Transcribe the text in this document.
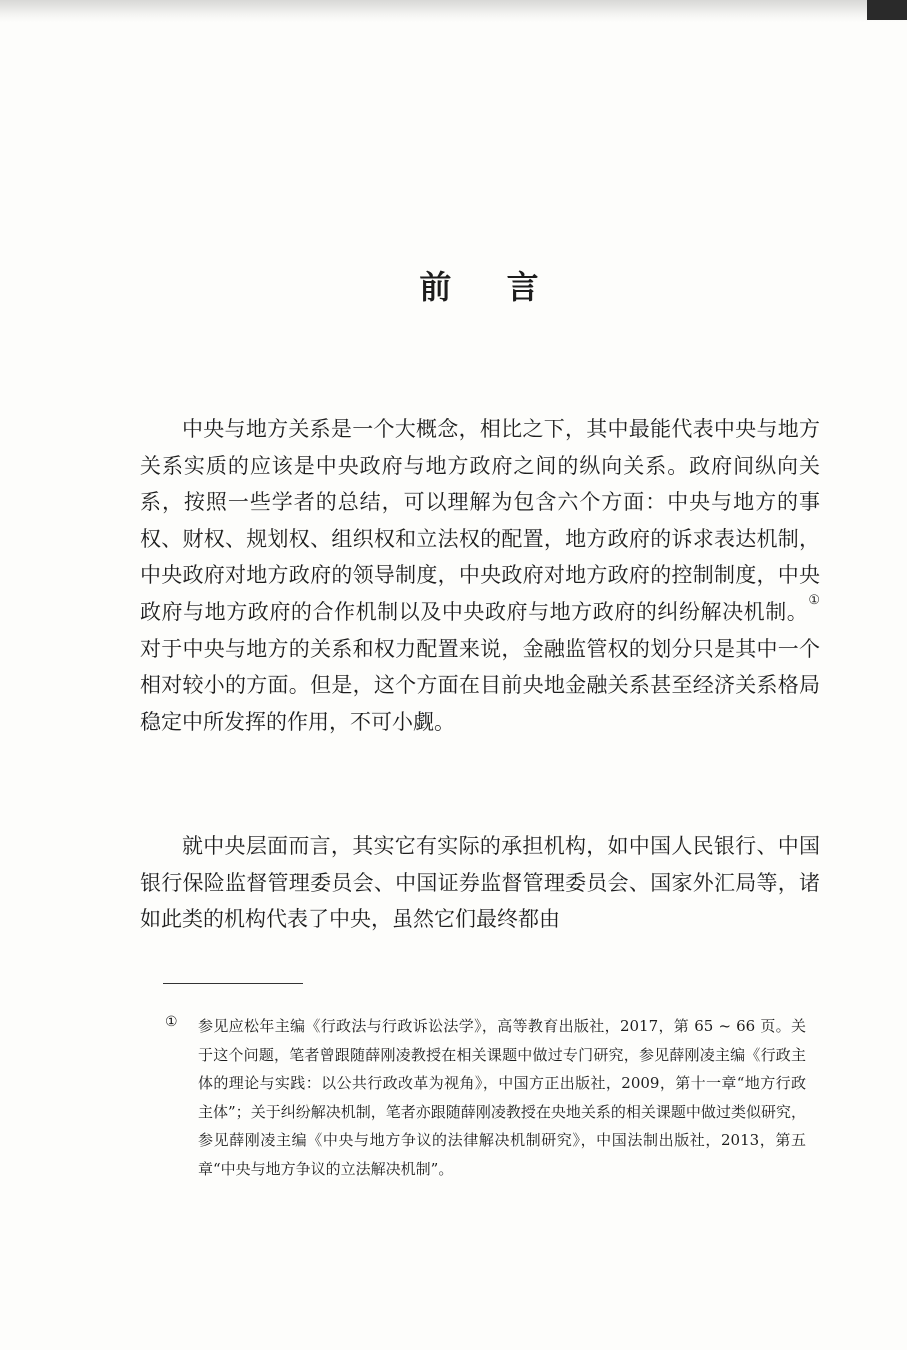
前 言

中央与地方关系是一个大概念，相比之下，其中最能代表中央与地方关系实质的应该是中央政府与地方政府之间的纵向关系。政府间纵向关系，按照一些学者的总结，可以理解为包含六个方面：中央与地方的事权、财权、规划权、组织权和立法权的配置，地方政府的诉求表达机制，中央政府对地方政府的领导制度，中央政府对地方政府的控制制度，中央政府与地方政府的合作机制以及中央政府与地方政府的纠纷解决机制。① 对于中央与地方的关系和权力配置来说，金融监管权的划分只是其中一个相对较小的方面。但是，这个方面在目前央地金融关系甚至经济关系格局稳定中所发挥的作用，不可小觑。

就中央层面而言，其实它有实际的承担机构，如中国人民银行、中国银行保险监督管理委员会、中国证券监督管理委员会、国家外汇局等，诸如此类的机构代表了中央，虽然它们最终都由

① 参见应松年主编《行政法与行政诉讼法学》，高等教育出版社，2017，第 65 ~ 66 页。关于这个问题，笔者曾跟随薛刚凌教授在相关课题中做过专门研究，参见薛刚凌主编《行政主体的理论与实践：以公共行政改革为视角》，中国方正出版社，2009，第十一章“地方行政主体”；关于纠纷解决机制，笔者亦跟随薛刚凌教授在央地关系的相关课题中做过类似研究，参见薛刚凌主编《中央与地方争议的法律解决机制研究》，中国法制出版社，2013，第五章“中央与地方争议的立法解决机制”。
